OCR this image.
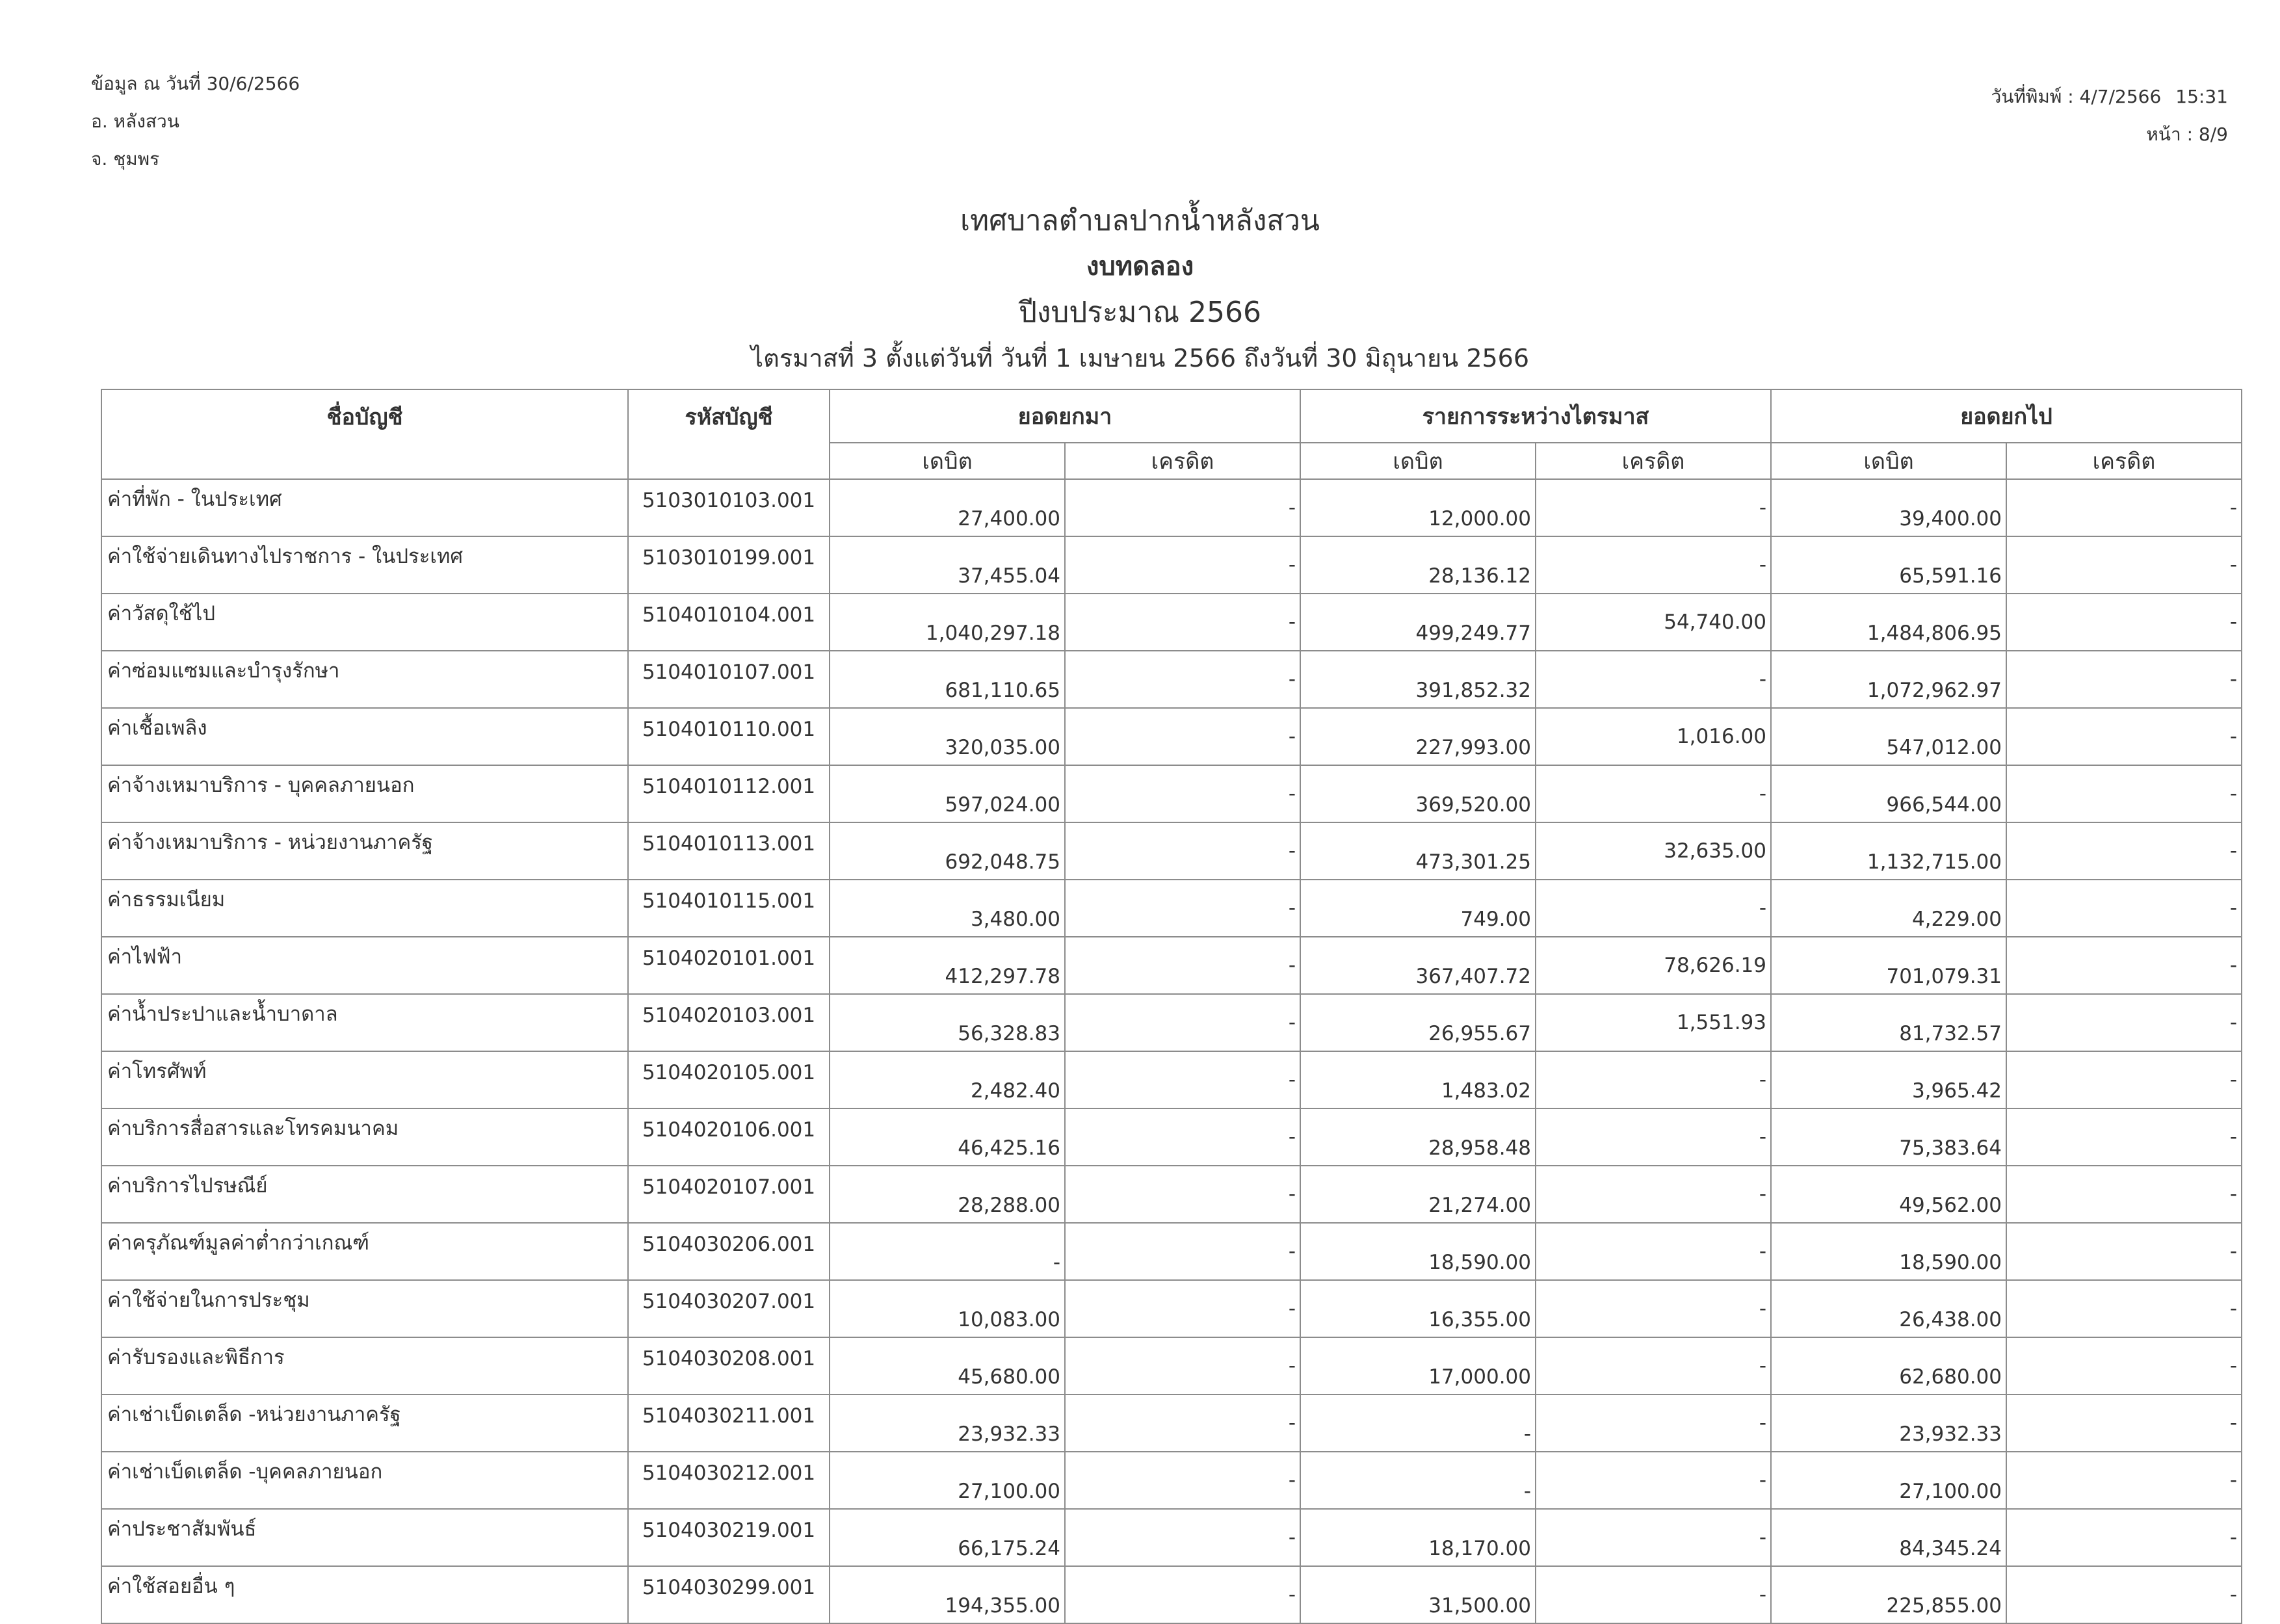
ข้อมูล ณ วันที่ 30/6/2566
อ. หลังสวน
จ. ชุมพร
วันที่พิมพ์ : 4/7/2566 15:31
หน้า : 8/9
เทศบาลตำบลปากน้ำหลังสวน
งบทดลอง
ปีงบประมาณ 2566
ไตรมาสที่ 3 ตั้งแต่วันที่ วันที่ 1 เมษายน 2566 ถึงวันที่ 30 มิถุนายน 2566
ชื่อบัญชี	รหัสบัญชี	ยอดยกมา		รายการระหว่างไตรมาส		ยอดยกไป	
		เดบิต	เครดิต	เดบิต	เครดิต	เดบิต	เครดิต
ค่าที่พัก - ในประเทศ	5103010103.001	27,400.00	-	12,000.00	-	39,400.00	-
ค่าใช้จ่ายเดินทางไปราชการ - ในประเทศ	5103010199.001	37,455.04	-	28,136.12	-	65,591.16	-
ค่าวัสดุใช้ไป	5104010104.001	1,040,297.18	-	499,249.77	54,740.00	1,484,806.95	-
ค่าซ่อมแซมและบำรุงรักษา	5104010107.001	681,110.65	-	391,852.32	-	1,072,962.97	-
ค่าเชื้อเพลิง	5104010110.001	320,035.00	-	227,993.00	1,016.00	547,012.00	-
ค่าจ้างเหมาบริการ - บุคคลภายนอก	5104010112.001	597,024.00	-	369,520.00	-	966,544.00	-
ค่าจ้างเหมาบริการ - หน่วยงานภาครัฐ	5104010113.001	692,048.75	-	473,301.25	32,635.00	1,132,715.00	-
ค่าธรรมเนียม	5104010115.001	3,480.00	-	749.00	-	4,229.00	-
ค่าไฟฟ้า	5104020101.001	412,297.78	-	367,407.72	78,626.19	701,079.31	-
ค่าน้ำประปาและน้ำบาดาล	5104020103.001	56,328.83	-	26,955.67	1,551.93	81,732.57	-
ค่าโทรศัพท์	5104020105.001	2,482.40	-	1,483.02	-	3,965.42	-
ค่าบริการสื่อสารและโทรคมนาคม	5104020106.001	46,425.16	-	28,958.48	-	75,383.64	-
ค่าบริการไปรษณีย์	5104020107.001	28,288.00	-	21,274.00	-	49,562.00	-
ค่าครุภัณฑ์มูลค่าต่ำกว่าเกณฑ์	5104030206.001	-	-	18,590.00	-	18,590.00	-
ค่าใช้จ่ายในการประชุม	5104030207.001	10,083.00	-	16,355.00	-	26,438.00	-
ค่ารับรองและพิธีการ	5104030208.001	45,680.00	-	17,000.00	-	62,680.00	-
ค่าเช่าเบ็ดเตล็ด -หน่วยงานภาครัฐ	5104030211.001	23,932.33	-	-	-	23,932.33	-
ค่าเช่าเบ็ดเตล็ด -บุคคลภายนอก	5104030212.001	27,100.00	-	-	-	27,100.00	-
ค่าประชาสัมพันธ์	5104030219.001	66,175.24	-	18,170.00	-	84,345.24	-
ค่าใช้สอยอื่น ๆ	5104030299.001	194,355.00	-	31,500.00	-	225,855.00	-
